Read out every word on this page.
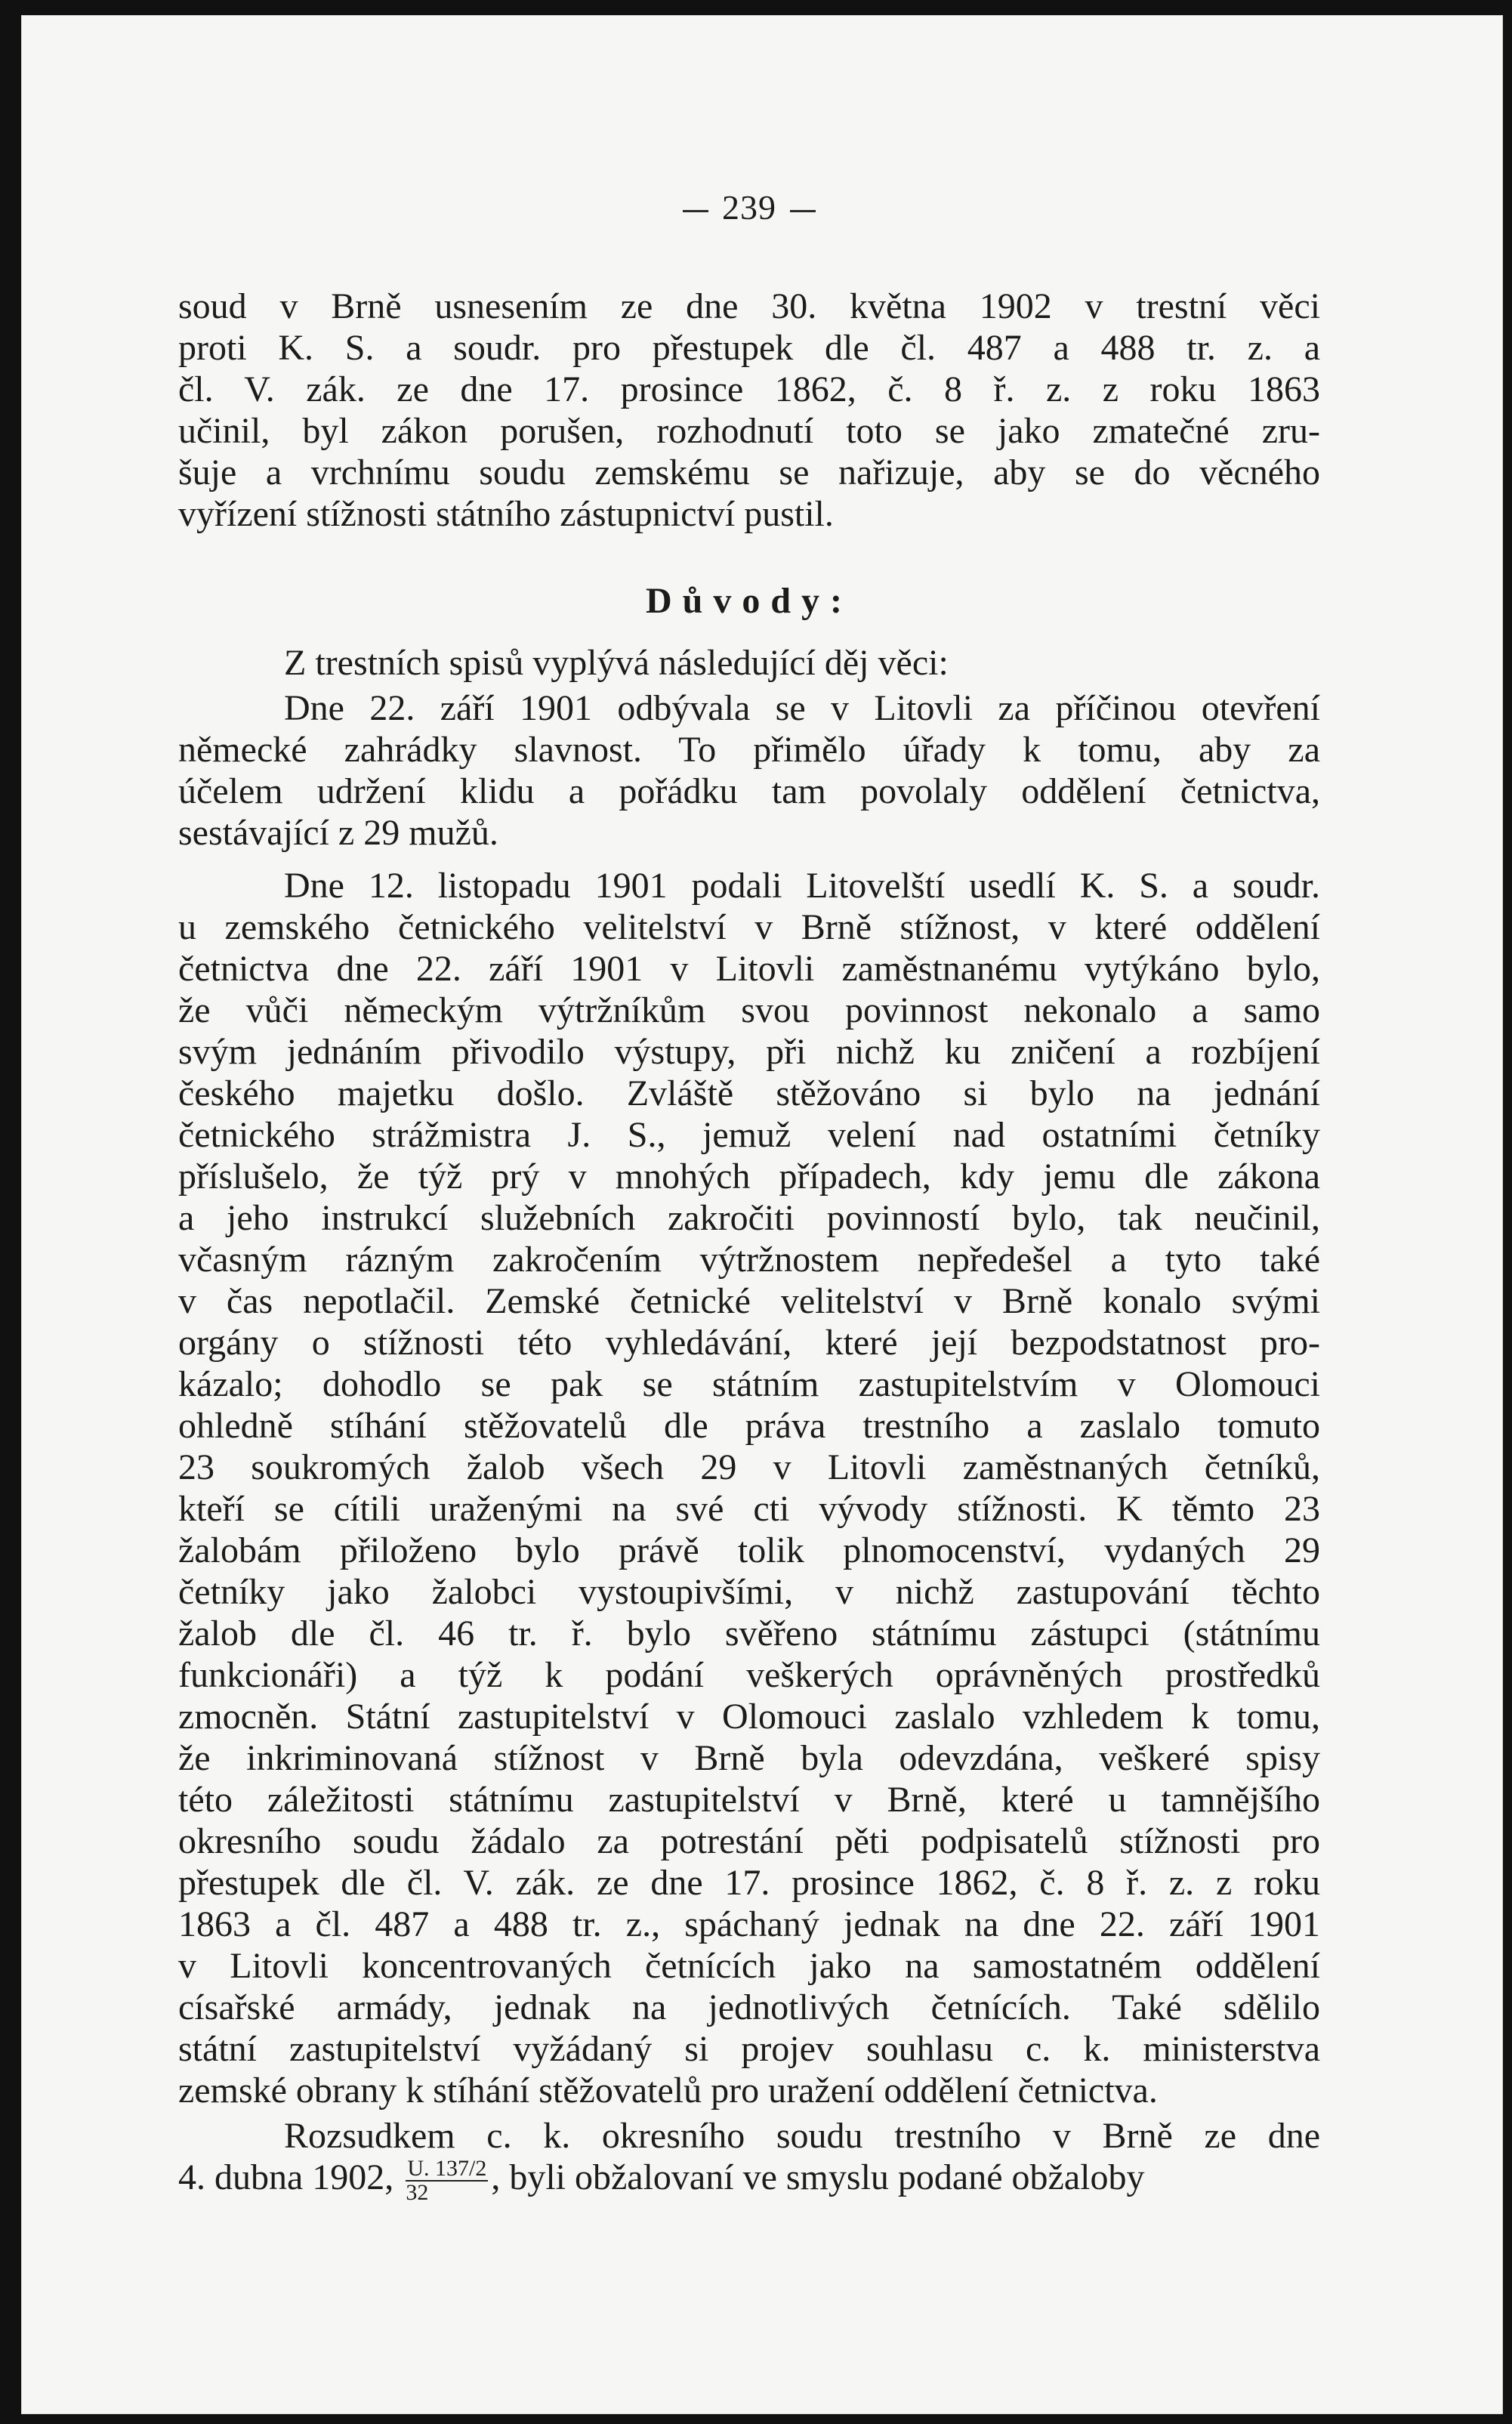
239
soud v Brně usnesením ze dne 30. května 1902 v trestní věci
proti K. S. a soudr. pro přestupek dle čl. 487 a 488 tr. z. a
čl. V. zák. ze dne 17. prosince 1862, č. 8 ř. z. z roku 1863
učinil, byl zákon porušen, rozhodnutí toto se jako zmatečné zru-
šuje a vrchnímu soudu zemskému se nařizuje, aby se do věcného
vyřízení stížnosti státního zástupnictví pustil.
Důvody:
Z trestních spisů vyplývá následující děj věci:
Dne 22. září 1901 odbývala se v Litovli za příčinou otevření
německé zahrádky slavnost. To přimělo úřady k tomu, aby za
účelem udržení klidu a pořádku tam povolaly oddělení četnictva,
sestávající z 29 mužů.
Dne 12. listopadu 1901 podali Litovelští usedlí K. S. a soudr.
u zemského četnického velitelství v Brně stížnost, v které oddělení
četnictva dne 22. září 1901 v Litovli zaměstnanému vytýkáno bylo,
že vůči německým výtržníkům svou povinnost nekonalo a samo
svým jednáním přivodilo výstupy, při nichž ku zničení a rozbíjení
českého majetku došlo. Zvláště stěžováno si bylo na jednání
četnického strážmistra J. S., jemuž velení nad ostatními četníky
příslušelo, že týž prý v mnohých případech, kdy jemu dle zákona
a jeho instrukcí služebních zakročiti povinností bylo, tak neučinil,
včasným rázným zakročením výtržnostem nepředešel a tyto také
v čas nepotlačil. Zemské četnické velitelství v Brně konalo svými
orgány o stížnosti této vyhledávání, které její bezpodstatnost pro-
kázalo; dohodlo se pak se státním zastupitelstvím v Olomouci
ohledně stíhání stěžovatelů dle práva trestního a zaslalo tomuto
23 soukromých žalob všech 29 v Litovli zaměstnaných četníků,
kteří se cítili uraženými na své cti vývody stížnosti. K těmto 23
žalobám přiloženo bylo právě tolik plnomocenství, vydaných 29
četníky jako žalobci vystoupivšími, v nichž zastupování těchto
žalob dle čl. 46 tr. ř. bylo svěřeno státnímu zástupci (státnímu
funkcionáři) a týž k podání veškerých oprávněných prostředků
zmocněn. Státní zastupitelství v Olomouci zaslalo vzhledem k tomu,
že inkriminovaná stížnost v Brně byla odevzdána, veškeré spisy
této záležitosti státnímu zastupitelství v Brně, které u tamnějšího
okresního soudu žádalo za potrestání pěti podpisatelů stížnosti pro
přestupek dle čl. V. zák. ze dne 17. prosince 1862, č. 8 ř. z. z roku
1863 a čl. 487 a 488 tr. z., spáchaný jednak na dne 22. září 1901
v Litovli koncentrovaných četnících jako na samostatném oddělení
císařské armády, jednak na jednotlivých četnících. Také sdělilo
státní zastupitelství vyžádaný si projev souhlasu c. k. ministerstva
zemské obrany k stíhání stěžovatelů pro uražení oddělení četnictva.
Rozsudkem c. k. okresního soudu trestního v Brně ze dne
4. dubna 1902, $\frac{U. 137/2}{32}$ , byli obžalovaní ve smyslu podané obžaloby
